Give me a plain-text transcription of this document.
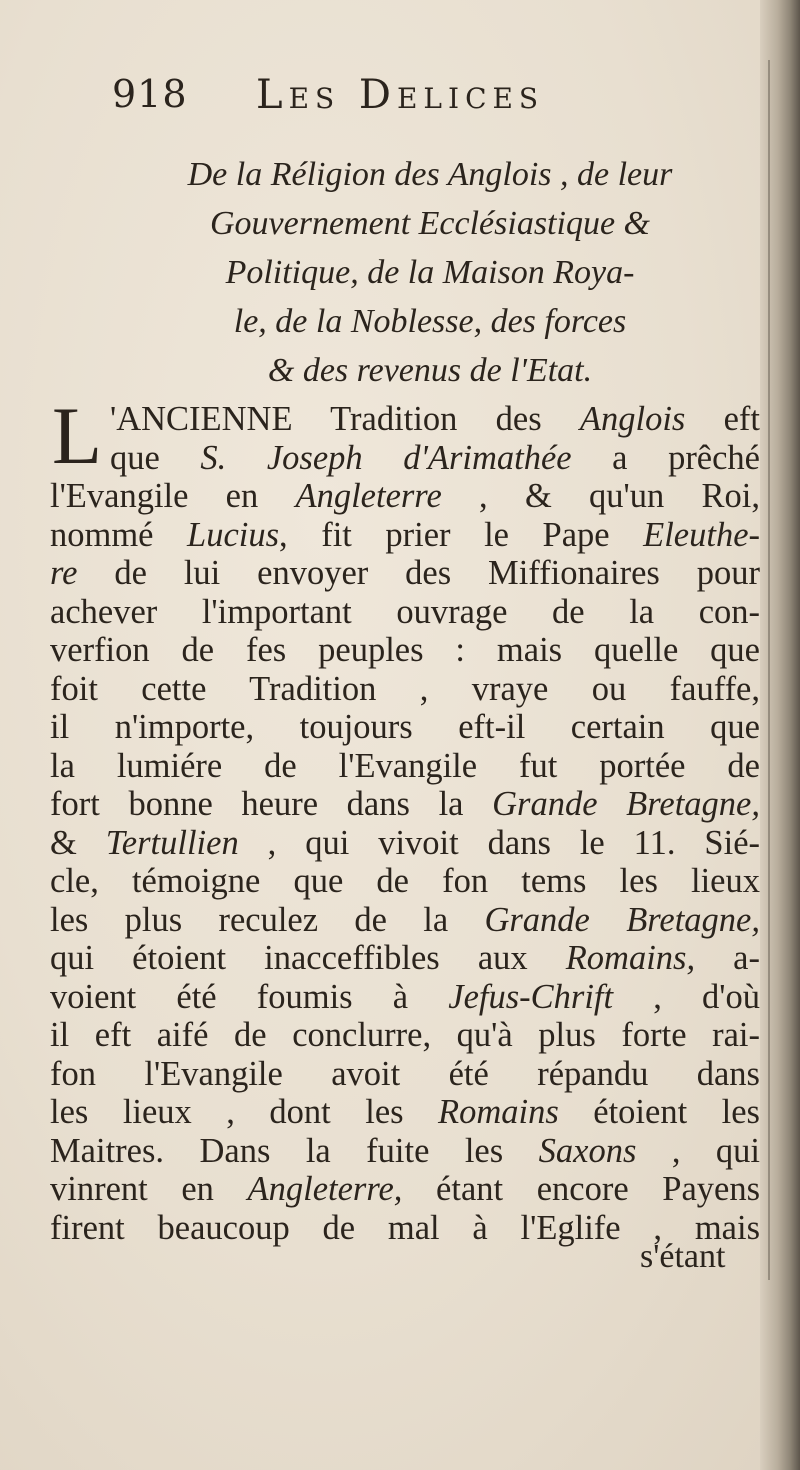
918 Les Delices
De la Réligion des Anglois , de leur
Gouvernement Ecclésiastique &
Politique, de la Maison Roya-
le, de la Noblesse, des forces
& des revenus de l'Etat.
L 'ANCIENNE Tradition des Anglois eft
que S. Joseph d'Arimathée a prêché
l'Evangile en Angleterre , & qu'un Roi,
nommé Lucius, fit prier le Pape Eleuthe-
re de lui envoyer des Miffionaires pour
achever l'important ouvrage de la con-
verfion de fes peuples : mais quelle que
foit cette Tradition , vraye ou fauffe,
il n'importe, toujours eft-il certain que
la lumiére de l'Evangile fut portée de
fort bonne heure dans la Grande Bretagne,
& Tertullien , qui vivoit dans le 11. Sié-
cle, témoigne que de fon tems les lieux
les plus reculez de la Grande Bretagne,
qui étoient inacceffibles aux Romains, a-
voient été foumis à Jefus-Chrift , d'où
il eft aifé de conclurre, qu'à plus forte rai-
fon l'Evangile avoit été répandu dans
les lieux , dont les Romains étoient les
Maitres. Dans la fuite les Saxons , qui
vinrent en Angleterre, étant encore Payens
firent beaucoup de mal à l'Eglife , mais
s'étant
